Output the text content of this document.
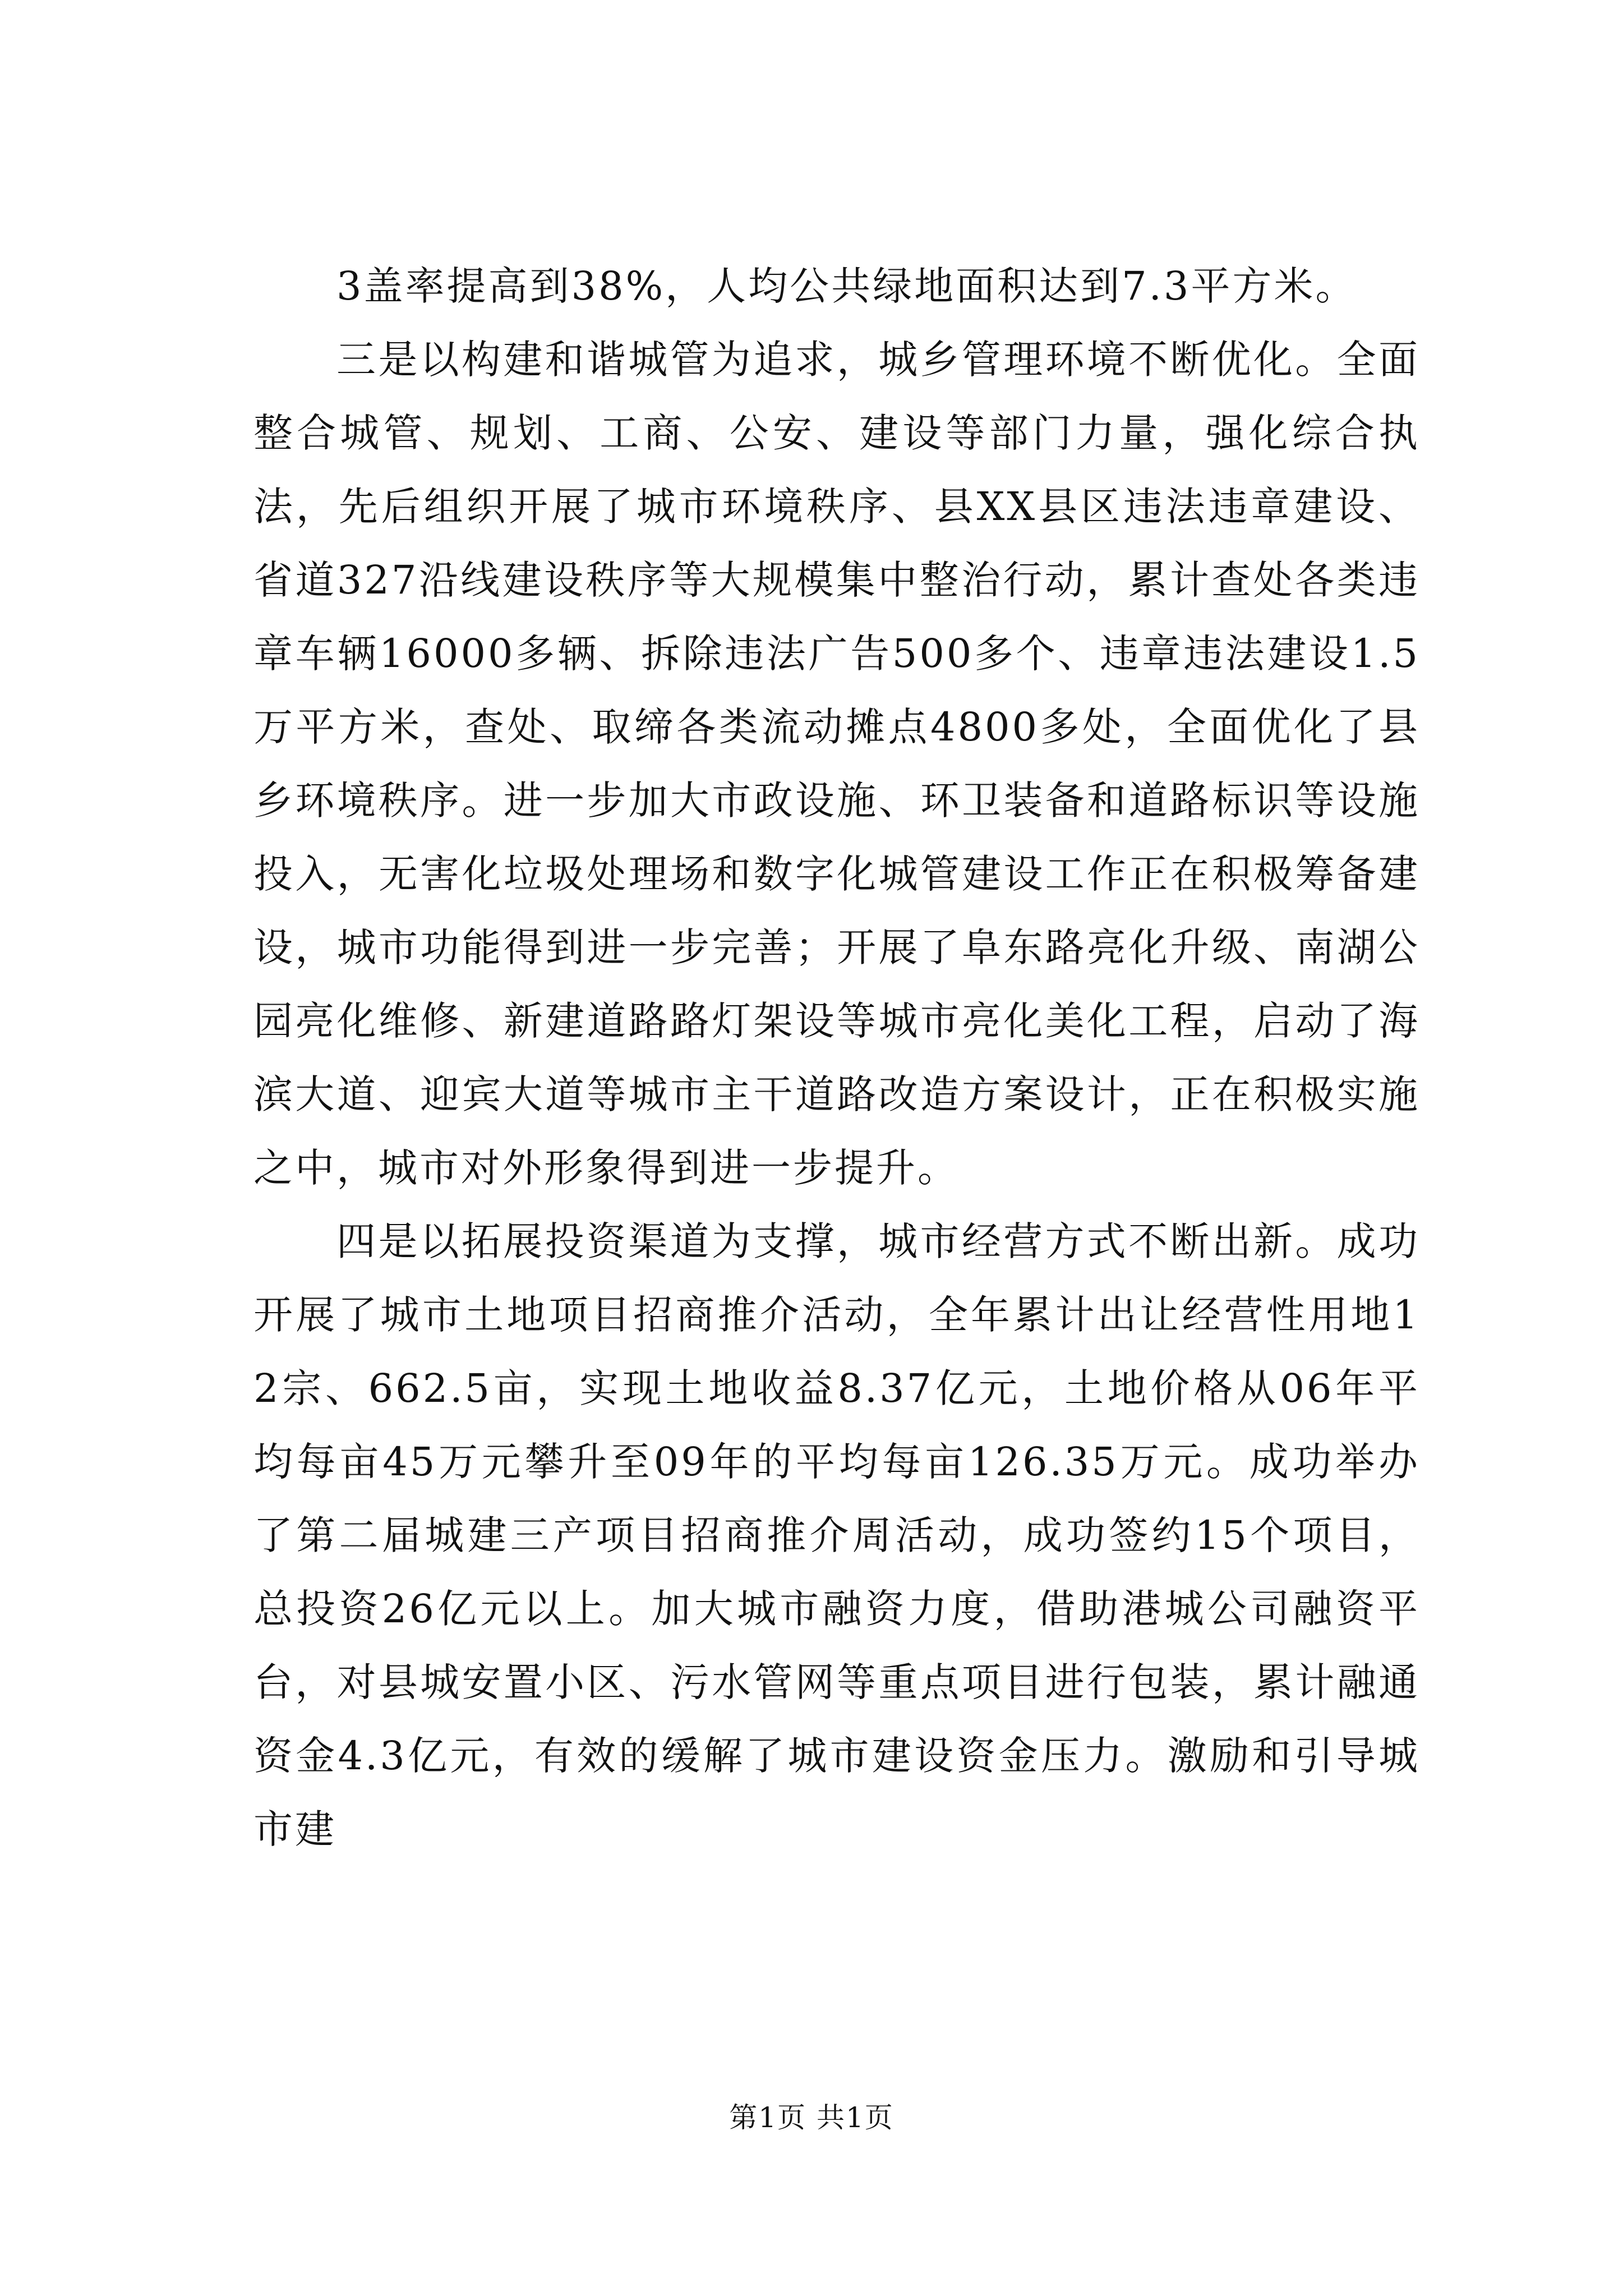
3盖率提高到38%，人均公共绿地面积达到7.3平方米。

三是以构建和谐城管为追求，城乡管理环境不断优化。全面整合城管、规划、工商、公安、建设等部门力量，强化综合执法，先后组织开展了城市环境秩序、县XX县区违法违章建设、省道327沿线建设秩序等大规模集中整治行动，累计查处各类违章车辆16000多辆、拆除违法广告500多个、违章违法建设1.5万平方米，查处、取缔各类流动摊点4800多处，全面优化了县乡环境秩序。进一步加大市政设施、环卫装备和道路标识等设施投入，无害化垃圾处理场和数字化城管建设工作正在积极筹备建设，城市功能得到进一步完善；开展了阜东路亮化升级、南湖公园亮化维修、新建道路路灯架设等城市亮化美化工程，启动了海滨大道、迎宾大道等城市主干道路改造方案设计，正在积极实施之中，城市对外形象得到进一步提升。

四是以拓展投资渠道为支撑，城市经营方式不断出新。成功开展了城市土地项目招商推介活动，全年累计出让经营性用地12宗、662.5亩，实现土地收益8.37亿元，土地价格从06年平均每亩45万元攀升至09年的平均每亩126.35万元。成功举办了第二届城建三产项目招商推介周活动，成功签约15个项目，总投资26亿元以上。加大城市融资力度，借助港城公司融资平台，对县城安置小区、污水管网等重点项目进行包装，累计融通资金4.3亿元，有效的缓解了城市建设资金压力。激励和引导城市建

第1页 共1页
